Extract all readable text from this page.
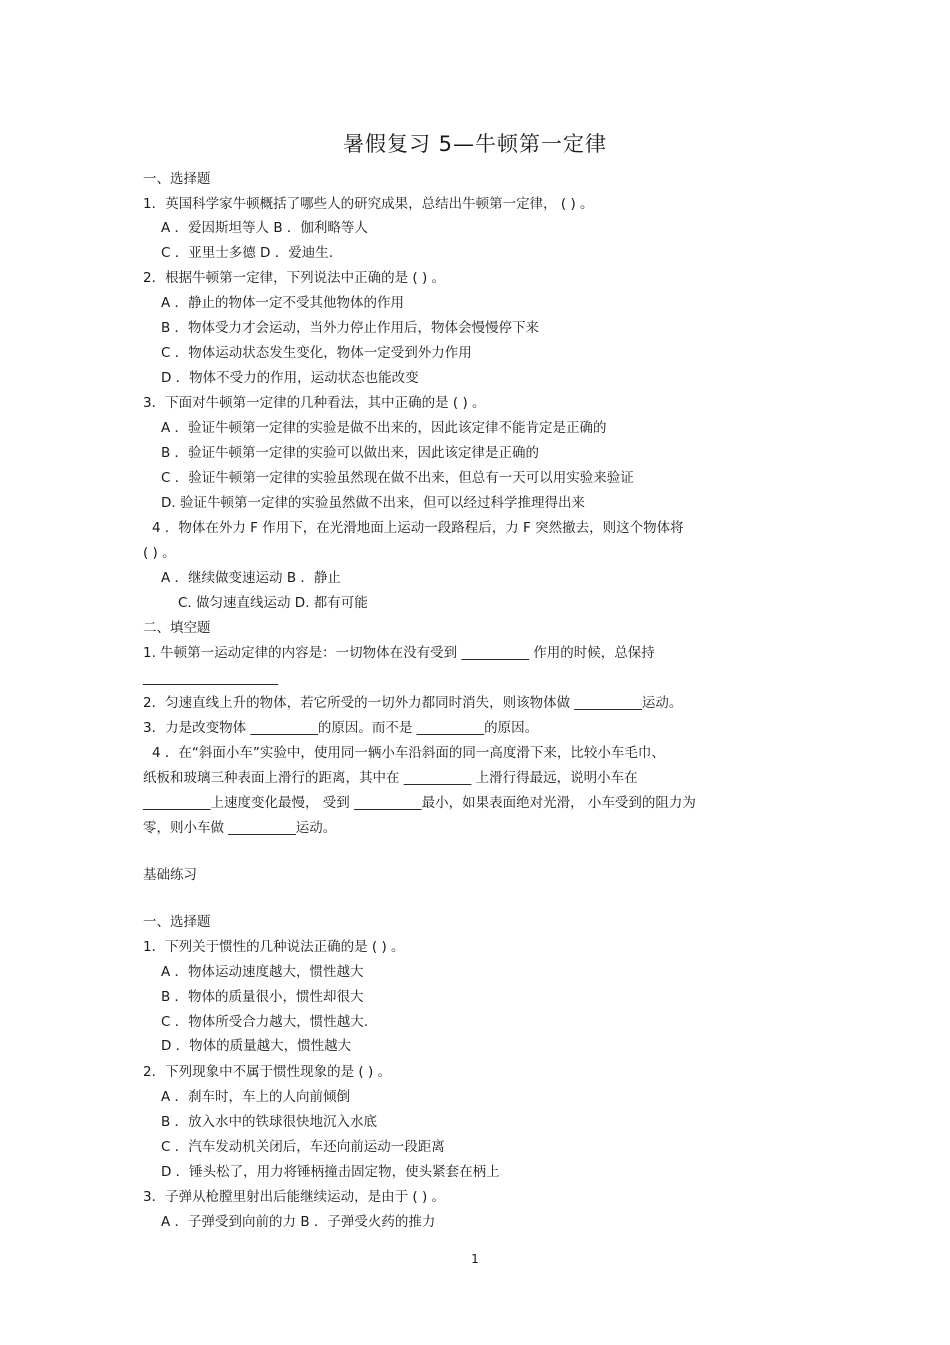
暑假复习 5—牛顿第一定律
一、选择题
1．英国科学家牛顿概括了哪些人的研究成果，总结出牛顿第一定律， ( ) 。
A ．爱因斯坦等人 B ．伽利略等人
C ．亚里士多德 D ．爱迪生.
2．根据牛顿第一定律，下列说法中正确的是 ( ) 。
A ．静止的物体一定不受其他物体的作用
B ．物体受力才会运动，当外力停止作用后，物体会慢慢停下来
C ．物体运动状态发生变化，物体一定受到外力作用
D ．物体不受力的作用，运动状态也能改变
3．下面对牛顿第一定律的几种看法，其中正确的是 ( ) 。
A ．验证牛顿第一定律的实验是做不出来的，因此该定律不能肯定是正确的
B ．验证牛顿第一定律的实验可以做出来，因此该定律是正确的
C ．验证牛顿第一定律的实验虽然现在做不出来，但总有一天可以用实验来验证
D. 验证牛顿第一定律的实验虽然做不出来，但可以经过科学推理得出来
4 ．物体在外力 F 作用下，在光滑地面上运动一段路程后，力 F 突然撤去，则这个物体将
( ) 。
A ．继续做变速运动 B ．静止
C. 做匀速直线运动 D. 都有可能
二、填空题
1. 牛顿第一运动定律的内容是：一切物体在没有受到 __________ 作用的时候，总保持
____________________
2．匀速直线上升的物体，若它所受的一切外力都同时消失，则该物体做 __________运动。
3．力是改变物体 __________的原因。而不是 __________的原因。
4 ．在“斜面小车”实验中，使用同一辆小车沿斜面的同一高度滑下来，比较小车毛巾、
纸板和玻璃三种表面上滑行的距离，其中在 __________ 上滑行得最远，说明小车在
__________上速度变化最慢， 受到 __________最小，如果表面绝对光滑， 小车受到的阻力为
零，则小车做 __________运动。
基础练习
一、选择题
1．下列关于惯性的几种说法正确的是 ( ) 。
A ．物体运动速度越大，惯性越大
B ．物体的质量很小，惯性却很大
C ．物体所受合力越大，惯性越大.
D ．物体的质量越大，惯性越大
2．下列现象中不属于惯性现象的是 ( ) 。
A ．刹车时，车上的人向前倾倒
B ．放入水中的铁球很快地沉入水底
C ．汽车发动机关闭后，车还向前运动一段距离
D ．锤头松了，用力将锤柄撞击固定物，使头紧套在柄上
3．子弹从枪膛里射出后能继续运动，是由于 ( ) 。
A ．子弹受到向前的力 B ．子弹受火药的推力
1
